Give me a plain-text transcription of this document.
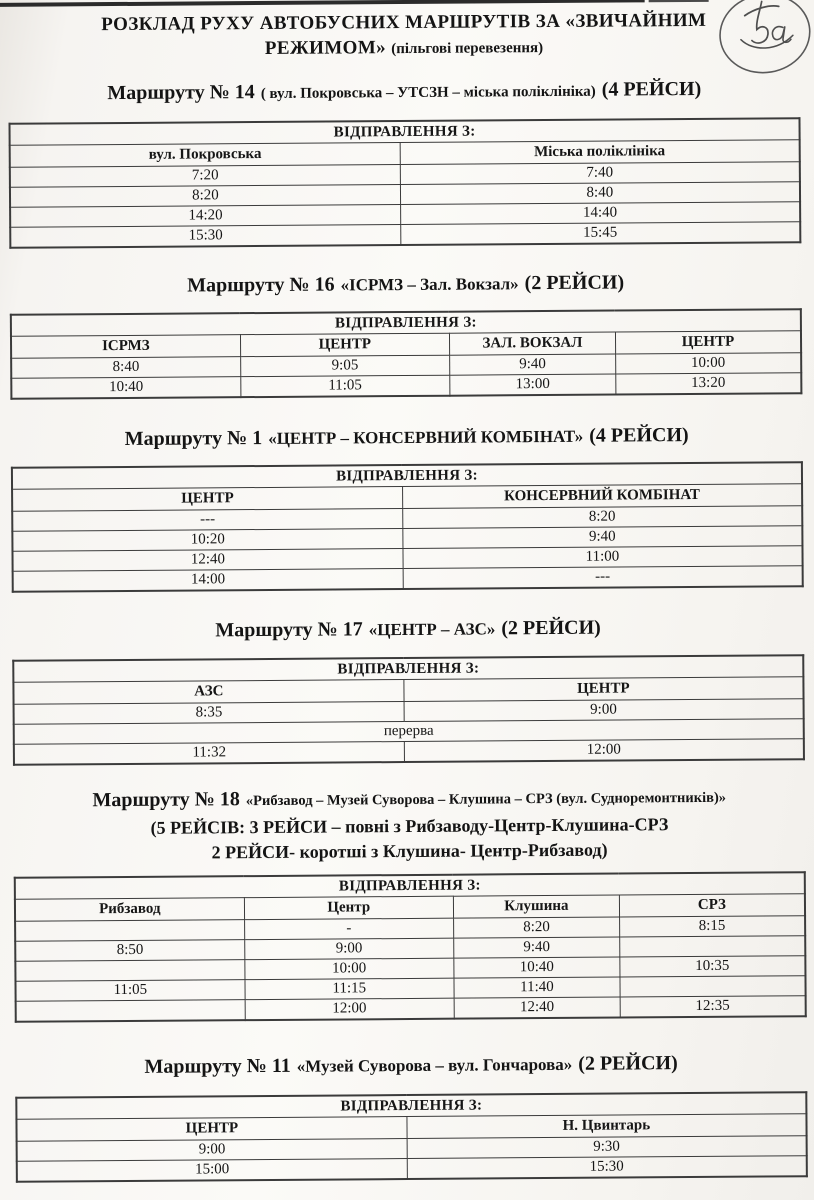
РОЗКЛАД РУХУ АВТОБУСНИХ МАРШРУТІВ ЗА «ЗВИЧАЙНИМ
РЕЖИМОМ» (пільгові перевезення)
Маршруту № 14 ( вул. Покровська – УТСЗН – міська поліклініка) (4 РЕЙСИ)
ВІДПРАВЛЕННЯ З:	
вул. Покровська	Міська поліклініка
7:20	7:40
8:20	8:40
14:20	14:40
15:30	15:45
Маршруту № 16 «ІСРМЗ – Зал. Вокзал» (2 РЕЙСИ)
ВІДПРАВЛЕННЯ З:			
ІСРМЗ	ЦЕНТР	ЗАЛ. ВОКЗАЛ	ЦЕНТР
8:40	9:05	9:40	10:00
10:40	11:05	13:00	13:20
Маршруту № 1 «ЦЕНТР – КОНСЕРВНИЙ КОМБІНАТ» (4 РЕЙСИ)
ВІДПРАВЛЕННЯ З:	
ЦЕНТР	КОНСЕРВНИЙ КОМБІНАТ
---	8:20
10:20	9:40
12:40	11:00
14:00	---
Маршруту № 17 «ЦЕНТР – АЗС» (2 РЕЙСИ)
ВІДПРАВЛЕННЯ З:	
АЗС	ЦЕНТР
8:35	9:00
перерва	
11:32	12:00
Маршруту № 18 «Рибзавод – Музей Суворова – Клушина – СРЗ (вул. Судноремонтників)»
(5 РЕЙСІВ: 3 РЕЙСИ – повні з Рибзаводу-Центр-Клушина-СРЗ
2 РЕЙСИ- коротші з Клушина- Центр-Рибзавод)
ВІДПРАВЛЕННЯ З:			
Рибзавод	Центр	Клушина	СРЗ
	-	8:20	8:15
8:50	9:00	9:40	
	10:00	10:40	10:35
11:05	11:15	11:40	
	12:00	12:40	12:35
Маршруту № 11 «Музей Суворова – вул. Гончарова» (2 РЕЙСИ)
ВІДПРАВЛЕННЯ З:	
ЦЕНТР	Н. Цвинтарь
9:00	9:30
15:00	15:30
